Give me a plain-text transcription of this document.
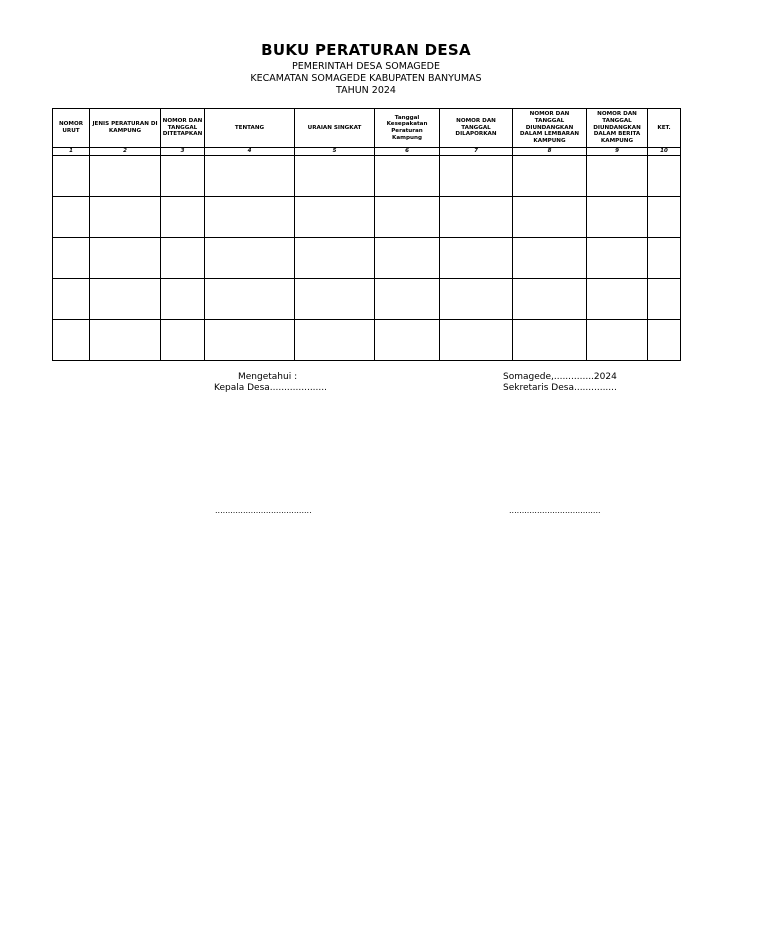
BUKU PERATURAN DESA
PEMERINTAH DESA SOMAGEDE
KECAMATAN SOMAGEDE KABUPATEN BANYUMAS
TAHUN 2024
NOMOR URUT	JENIS PERATURAN DI KAMPUNG	NOMOR DAN TANGGAL DITETAPKAN	TENTANG	URAIAN SINGKAT	Tanggal Kesepakatan Peraturan Kampung	NOMOR DAN TANGGAL DILAPORKAN	NOMOR DAN TANGGAL DIUNDANGKAN DALAM LEMBARAN KAMPUNG	NOMOR DAN TANGGAL DIUNDANGKAN DALAM BERITA KAMPUNG	KET.
1	2	3	4	5	6	7	8	9	10

Mengetahui :
Kepala Desa....................
Somagede,..............2024
Sekretaris Desa...............
......................................	....................................
